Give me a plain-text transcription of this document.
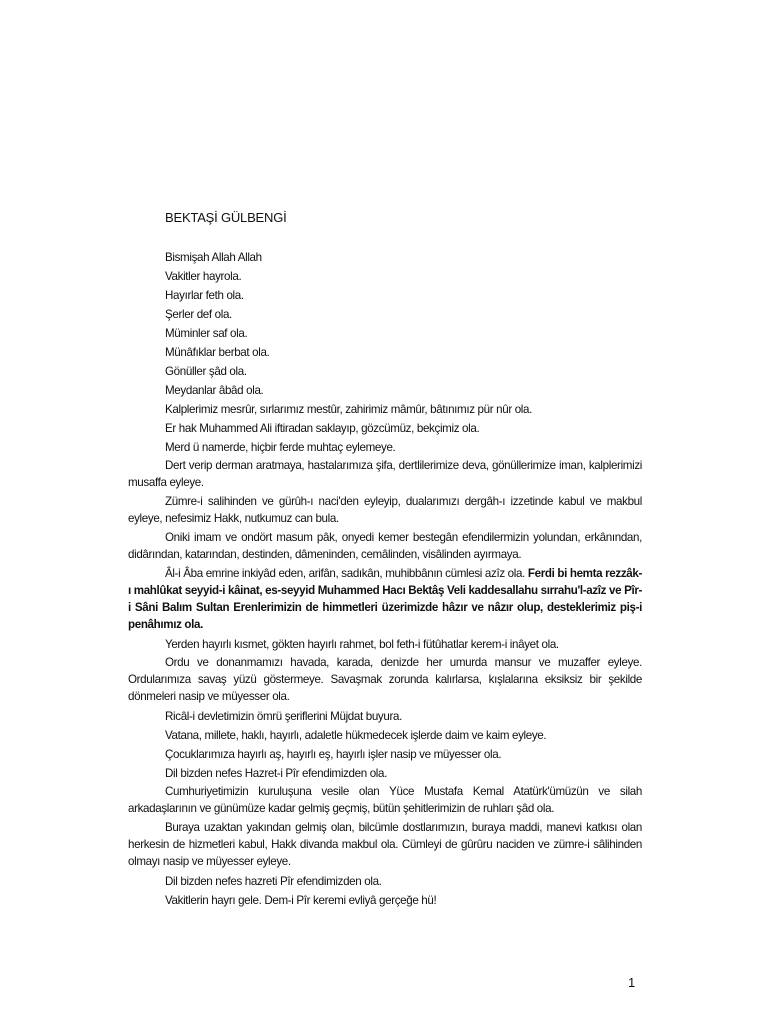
BEKTAŞİ GÜLBENGİ

Bismişah Allah Allah

Vakitler hayrola.

Hayırlar feth ola.

Şerler def ola.

Müminler saf ola.

Münâfıklar berbat ola.

Gönüller şâd ola.

Meydanlar âbâd ola.

Kalplerimiz mesrûr, sırlarımız mestûr, zahirimiz mâmûr, bâtınımız pür nûr ola.

Er hak Muhammed Ali iftiradan saklayıp, gözcümüz, bekçimiz ola.

Merd ü namerde, hiçbir ferde muhtaç eylemeye.

Dert verip derman aratmaya, hastalarımıza şifa, dertlilerimize deva, gönüllerimize iman, kalplerimizi musaffa eyleye.

Zümre-i salihinden ve gürûh-ı naci'den eyleyip, dualarımızı dergâh-ı izzetinde kabul ve makbul eyleye, nefesimiz Hakk, nutkumuz can bula.

Oniki imam ve ondört masum pâk, onyedi kemer bestegân efendilermizin yolundan, erkânından, didârından, katarından, destinden, dâmeninden, cemâlinden, visâlinden ayırmaya.

Âl-i Âba emrine inkiyâd eden, arifân, sadıkân, muhibbânın cümlesi azîz ola. Ferdi bi hemta rezzâk-ı mahlûkat seyyid-i kâinat, es-seyyid Muhammed Hacı Bektâş Veli kaddesallahu sırrahu'l-azîz ve Pîr-i Sâni Balım Sultan Erenlerimizin de himmetleri üzerimizde hâzır ve nâzır olup, desteklerimiz piş-i penâhımız ola.

Yerden hayırlı kısmet, gökten hayırlı rahmet, bol feth-i fütûhatlar kerem-i inâyet ola.

Ordu ve donanmamızı havada, karada, denizde her umurda mansur ve muzaffer eyleye. Ordularımıza savaş yüzü göstermeye. Savaşmak zorunda kalırlarsa, kışlalarına eksiksiz bir şekilde dönmeleri nasip ve müyesser ola.

Ricâl-i devletimizin ömrü şeriflerini Müjdat buyura.

Vatana, millete, haklı, hayırlı, adaletle hükmedecek işlerde daim ve kaim eyleye.

Çocuklarımıza hayırlı aş, hayırlı eş, hayırlı işler nasip ve müyesser ola.

Dil bizden nefes Hazret-i Pîr efendimizden ola.

Cumhuriyetimizin kuruluşuna vesile olan Yüce Mustafa Kemal Atatürk'ümüzün ve silah arkadaşlarının ve günümüze kadar gelmiş geçmiş, bütün şehitlerimizin de ruhları şâd ola.

Buraya uzaktan yakından gelmiş olan, bilcümle dostlarımızın, buraya maddi, manevi katkısı olan herkesin de hizmetleri kabul, Hakk divanda makbul ola. Cümleyi de gûrûru naciden ve zümre-i sâlihinden olmayı nasip ve müyesser eyleye.

Dil bizden nefes hazreti Pîr efendimizden ola.

Vakitlerin hayrı gele. Dem-i Pîr keremi evliyâ gerçeğe hü!

1
